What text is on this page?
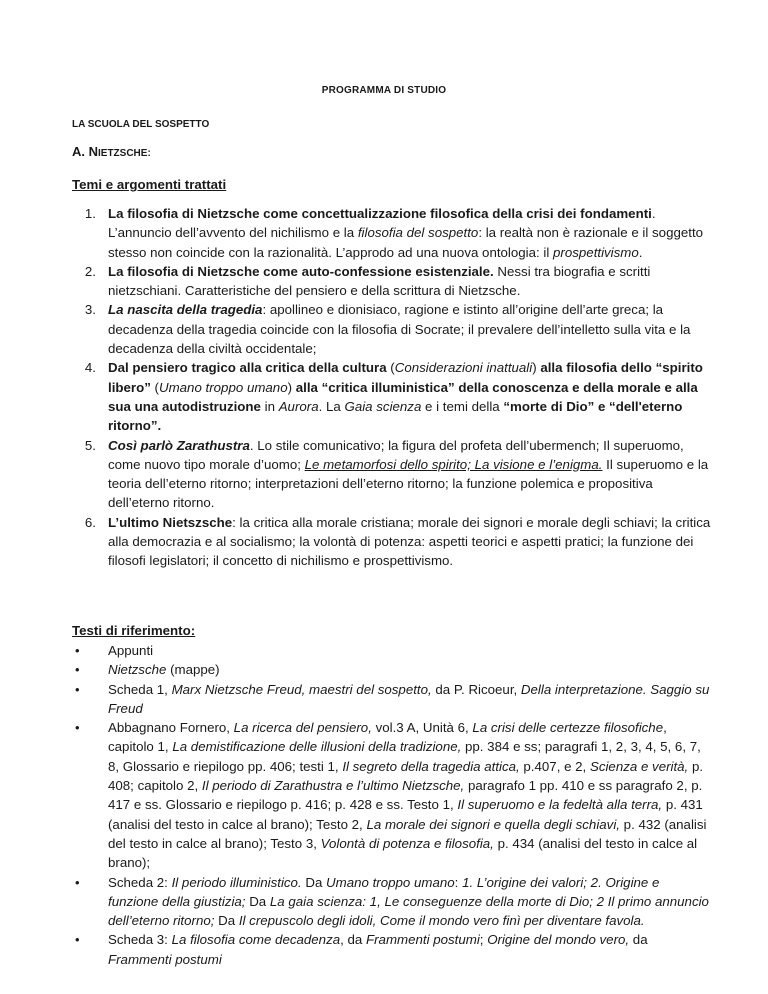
PROGRAMMA DI STUDIO
LA SCUOLA DEL SOSPETTO
A. NIETZSCHE:
Temi e argomenti trattati
1. La filosofia di Nietzsche come concettualizzazione filosofica della crisi dei fondamenti. L’annuncio dell’avvento del nichilismo e la filosofia del sospetto: la realtà non è razionale e il soggetto stesso non coincide con la razionalità. L’approdo ad una nuova ontologia: il prospettivismo.
2. La filosofia di Nietzsche come auto-confessione esistenziale. Nessi tra biografia e scritti nietzschiani. Caratteristiche del pensiero e della scrittura di Nietzsche.
3. La nascita della tragedia: apollineo e dionisiaco, ragione e istinto all’origine dell’arte greca; la decadenza della tragedia coincide con la filosofia di Socrate; il prevalere dell’intelletto sulla vita e la decadenza della civiltà occidentale;
4. Dal pensiero tragico alla critica della cultura (Considerazioni inattuali) alla filosofia dello “spirito libero” (Umano troppo umano) alla “critica illuministica” della conoscenza e della morale e alla sua una autodistruzione in Aurora. La Gaia scienza e i temi della “morte di Dio” e “dell'eterno ritorno”.
5. Così parlò Zarathustra. Lo stile comunicativo; la figura del profeta dell’ubermench; Il superuomo, come nuovo tipo morale d’uomo; Le metamorfosi dello spirito; La visione e l’enigma. Il superuomo e la teoria dell’eterno ritorno; interpretazioni dell’eterno ritorno; la funzione polemica e propositiva dell’eterno ritorno.
6. L’ultimo Nietszsche: la critica alla morale cristiana; morale dei signori e morale degli schiavi; la critica alla democrazia e al socialismo; la volontà di potenza: aspetti teorici e aspetti pratici; la funzione dei filosofi legislatori; il concetto di nichilismo e prospettivismo.
Testi di riferimento:
• Appunti
• Nietzsche (mappe)
• Scheda 1, Marx Nietzsche Freud, maestri del sospetto, da P. Ricoeur, Della interpretazione. Saggio su Freud
• Abbagnano Fornero, La ricerca del pensiero, vol.3 A, Unità 6, La crisi delle certezze filosofiche, capitolo 1, La demistificazione delle illusioni della tradizione, pp. 384 e ss; paragrafi 1, 2, 3, 4, 5, 6, 7, 8, Glossario e riepilogo pp. 406; testi 1, Il segreto della tragedia attica, p.407, e 2, Scienza e verità, p. 408; capitolo 2, Il periodo di Zarathustra e l’ultimo Nietzsche, paragrafo 1 pp. 410 e ss paragrafo 2, p. 417 e ss. Glossario e riepilogo p. 416; p. 428 e ss. Testo 1, Il superuomo e la fedeltà alla terra, p. 431 (analisi del testo in calce al brano); Testo 2, La morale dei signori e quella degli schiavi, p. 432 (analisi del testo in calce al brano); Testo 3, Volontà di potenza e filosofia, p. 434 (analisi del testo in calce al brano);
• Scheda 2: Il periodo illuministico. Da Umano troppo umano: 1. L’origine dei valori; 2. Origine e funzione della giustizia; Da La gaia scienza: 1, Le conseguenze della morte di Dio; 2 Il primo annuncio dell’eterno ritorno; Da Il crepuscolo degli idoli, Come il mondo vero finì per diventare favola.
• Scheda 3: La filosofia come decadenza, da Frammenti postumi; Origine del mondo vero, da Frammenti postumi
